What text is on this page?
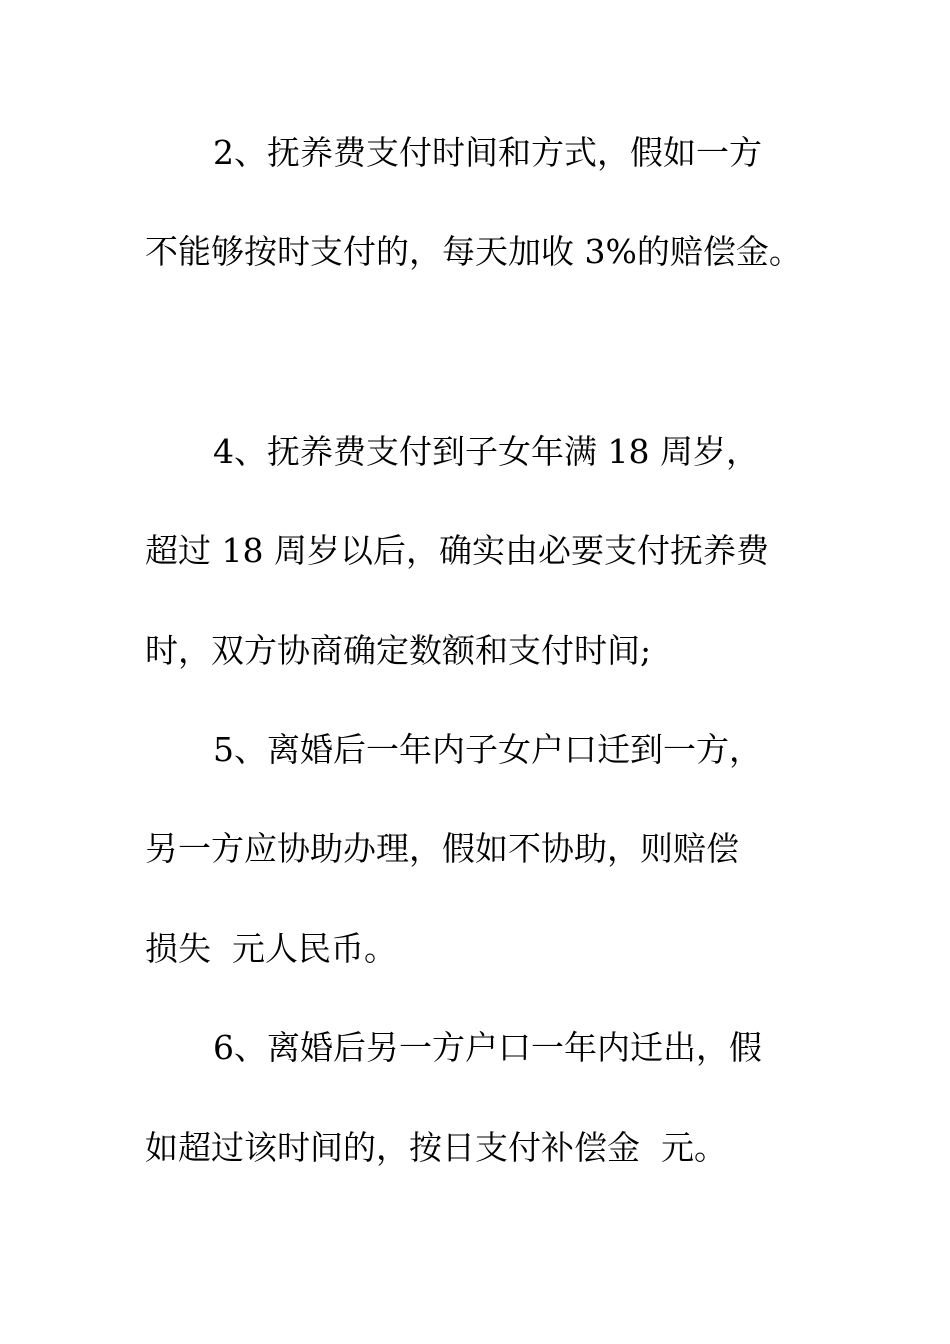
2、抚养费支付时间和方式，假如一方
不能够按时支付的，每天加收 3%的赔偿金。
4、抚养费支付到子女年满 18 周岁，
超过 18 周岁以后，确实由必要支付抚养费
时，双方协商确定数额和支付时间;
5、离婚后一年内子女户口迁到一方，
另一方应协助办理，假如不协助，则赔偿
损失  元人民币。
6、离婚后另一方户口一年内迁出，假
如超过该时间的，按日支付补偿金  元。
